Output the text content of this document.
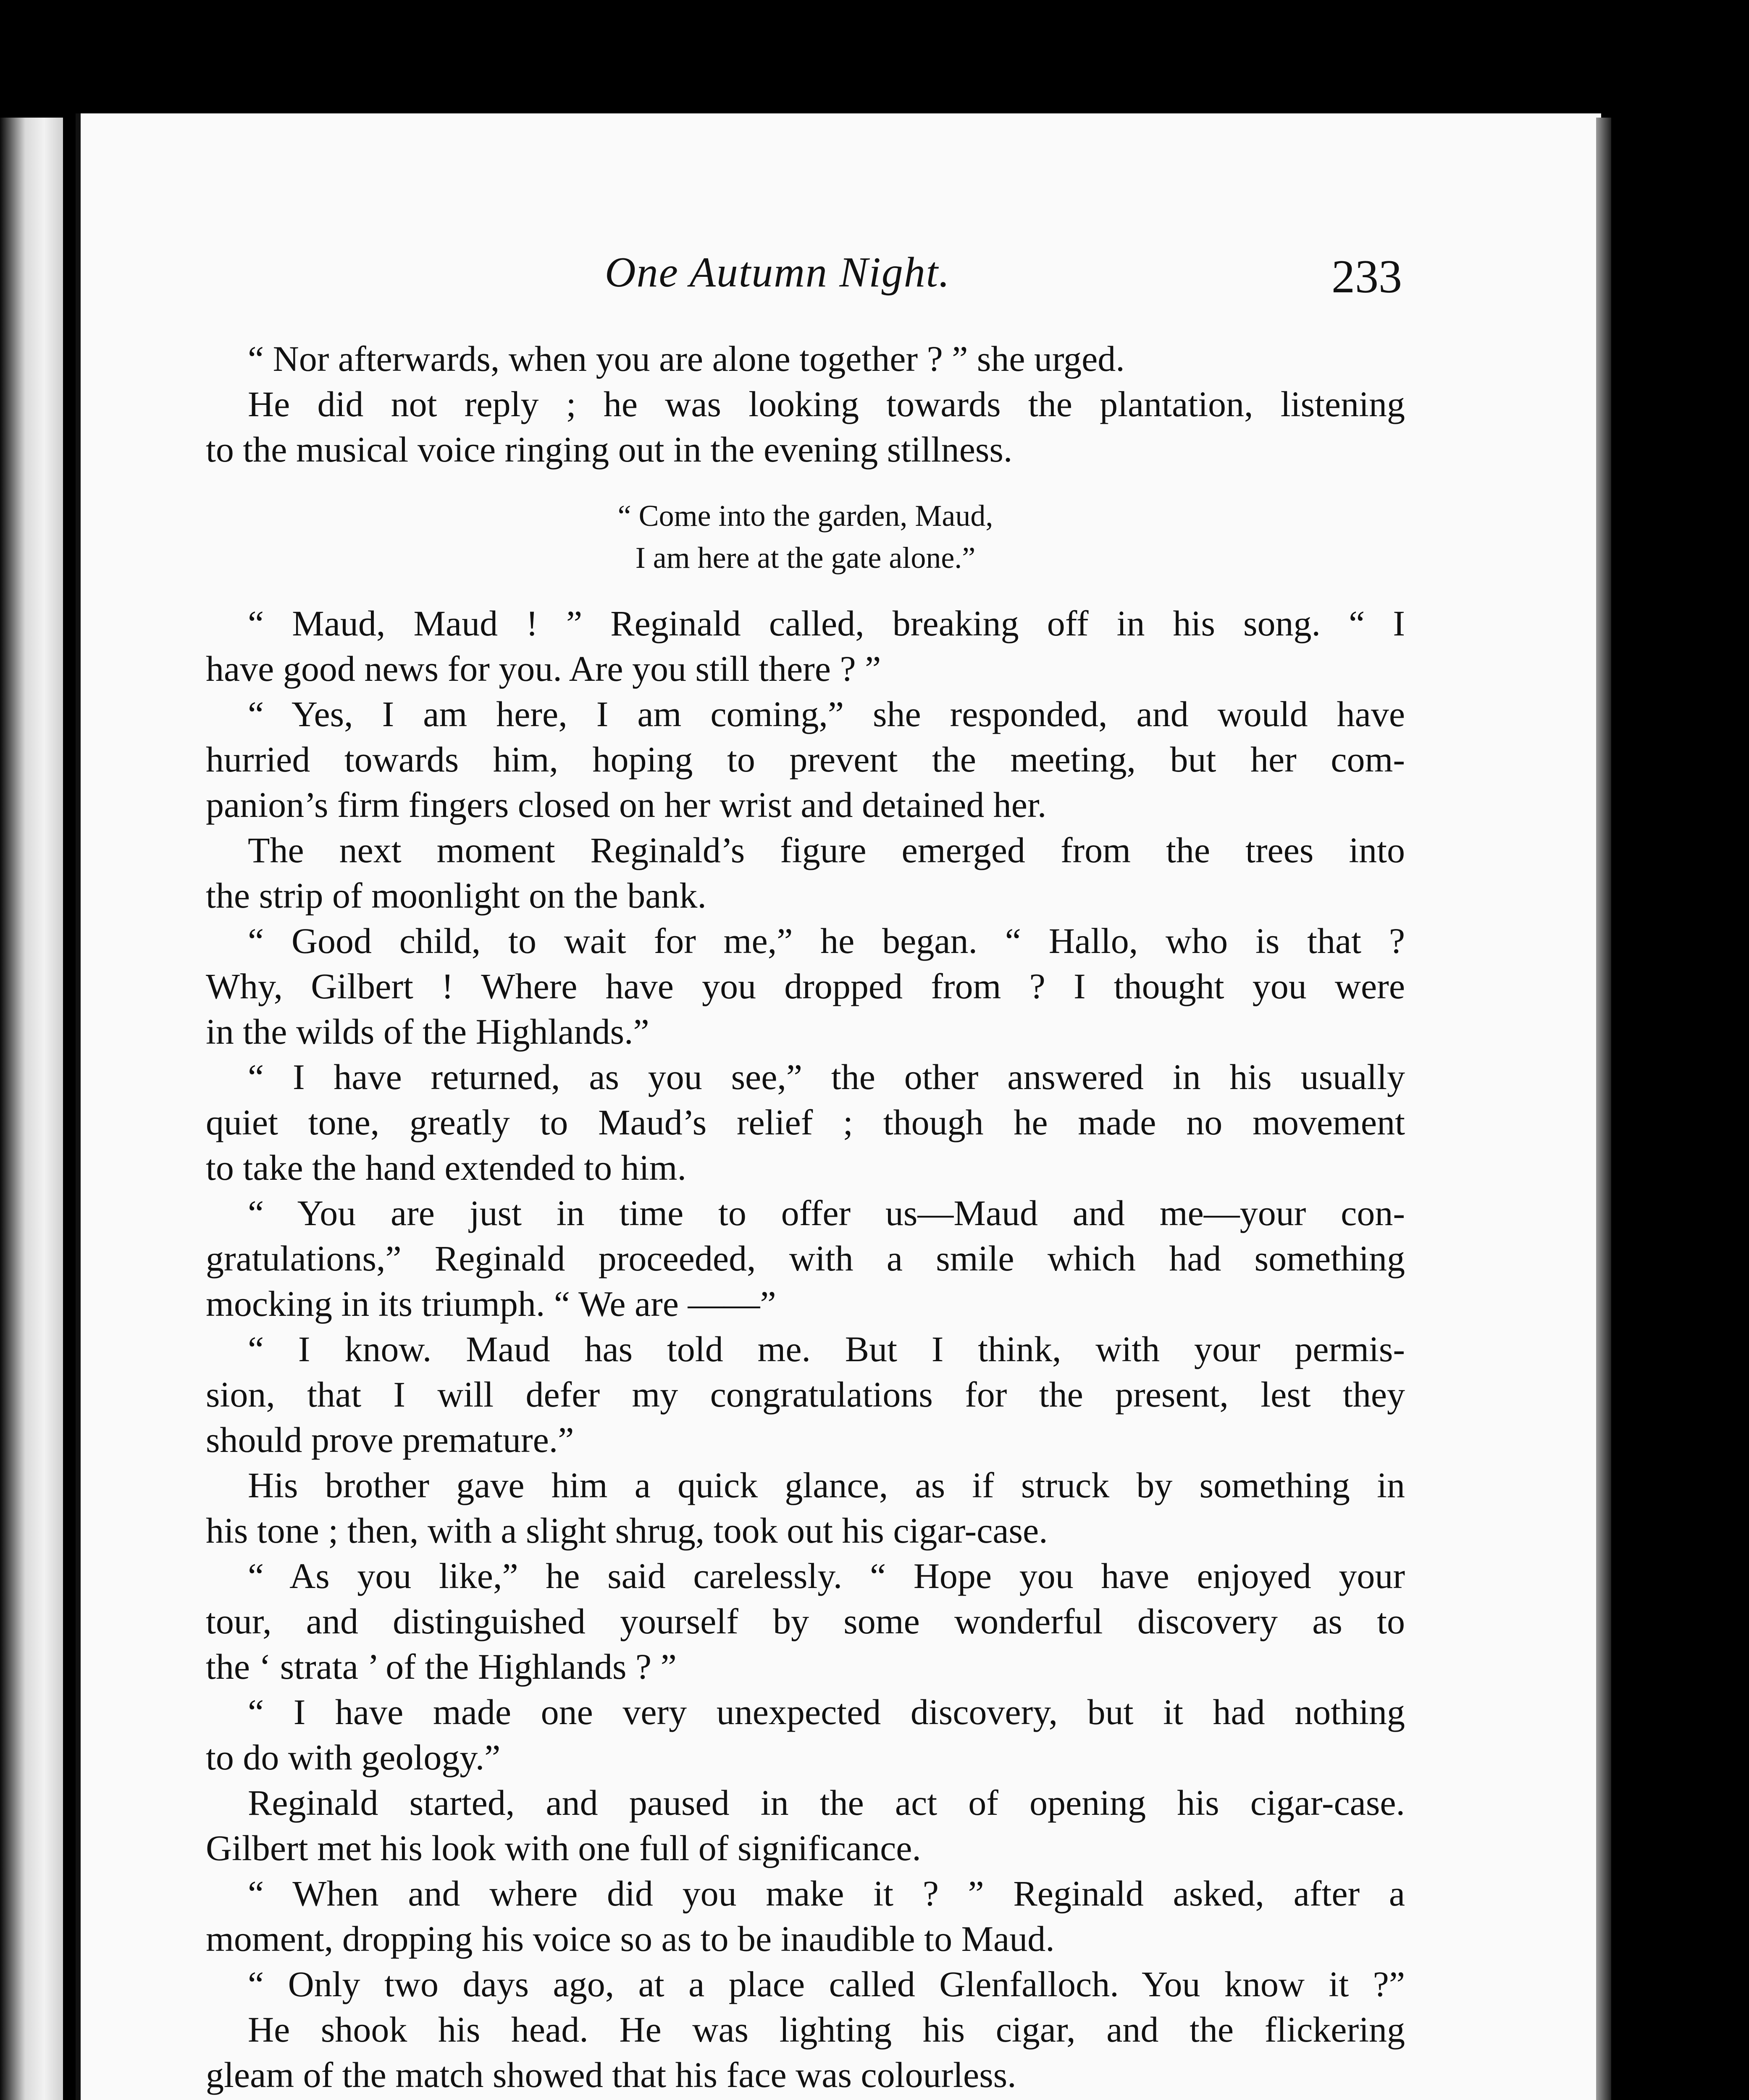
One Autumn Night.	233
“ Nor afterwards, when you are alone together ? ” she urged.
He did not reply ; he was looking towards the plantation, listening
to the musical voice ringing out in the evening stillness.
“ Come into the garden, Maud,
I am here at the gate alone.”
“ Maud, Maud ! ” Reginald called, breaking off in his song. “ I
have good news for you. Are you still there ? ”
“ Yes, I am here, I am coming,” she responded, and would have
hurried towards him, hoping to prevent the meeting, but her com-
panion’s firm fingers closed on her wrist and detained her.
The next moment Reginald’s figure emerged from the trees into
the strip of moonlight on the bank.
“ Good child, to wait for me,” he began. “ Hallo, who is that ?
Why, Gilbert ! Where have you dropped from ? I thought you were
in the wilds of the Highlands.”
“ I have returned, as you see,” the other answered in his usually
quiet tone, greatly to Maud’s relief ; though he made no movement
to take the hand extended to him.
“ You are just in time to offer us—Maud and me—your con-
gratulations,” Reginald proceeded, with a smile which had something
mocking in its triumph. “ We are ——”
“ I know. Maud has told me. But I think, with your permis-
sion, that I will defer my congratulations for the present, lest they
should prove premature.”
His brother gave him a quick glance, as if struck by something in
his tone ; then, with a slight shrug, took out his cigar-case.
“ As you like,” he said carelessly. “ Hope you have enjoyed your
tour, and distinguished yourself by some wonderful discovery as to
the ‘ strata ’ of the Highlands ? ”
“ I have made one very unexpected discovery, but it had nothing
to do with geology.”
Reginald started, and paused in the act of opening his cigar-case.
Gilbert met his look with one full of significance.
“ When and where did you make it ? ” Reginald asked, after a
moment, dropping his voice so as to be inaudible to Maud.
“ Only two days ago, at a place called Glenfalloch. You know it ?”
He shook his head. He was lighting his cigar, and the flickering
gleam of the match showed that his face was colourless.
